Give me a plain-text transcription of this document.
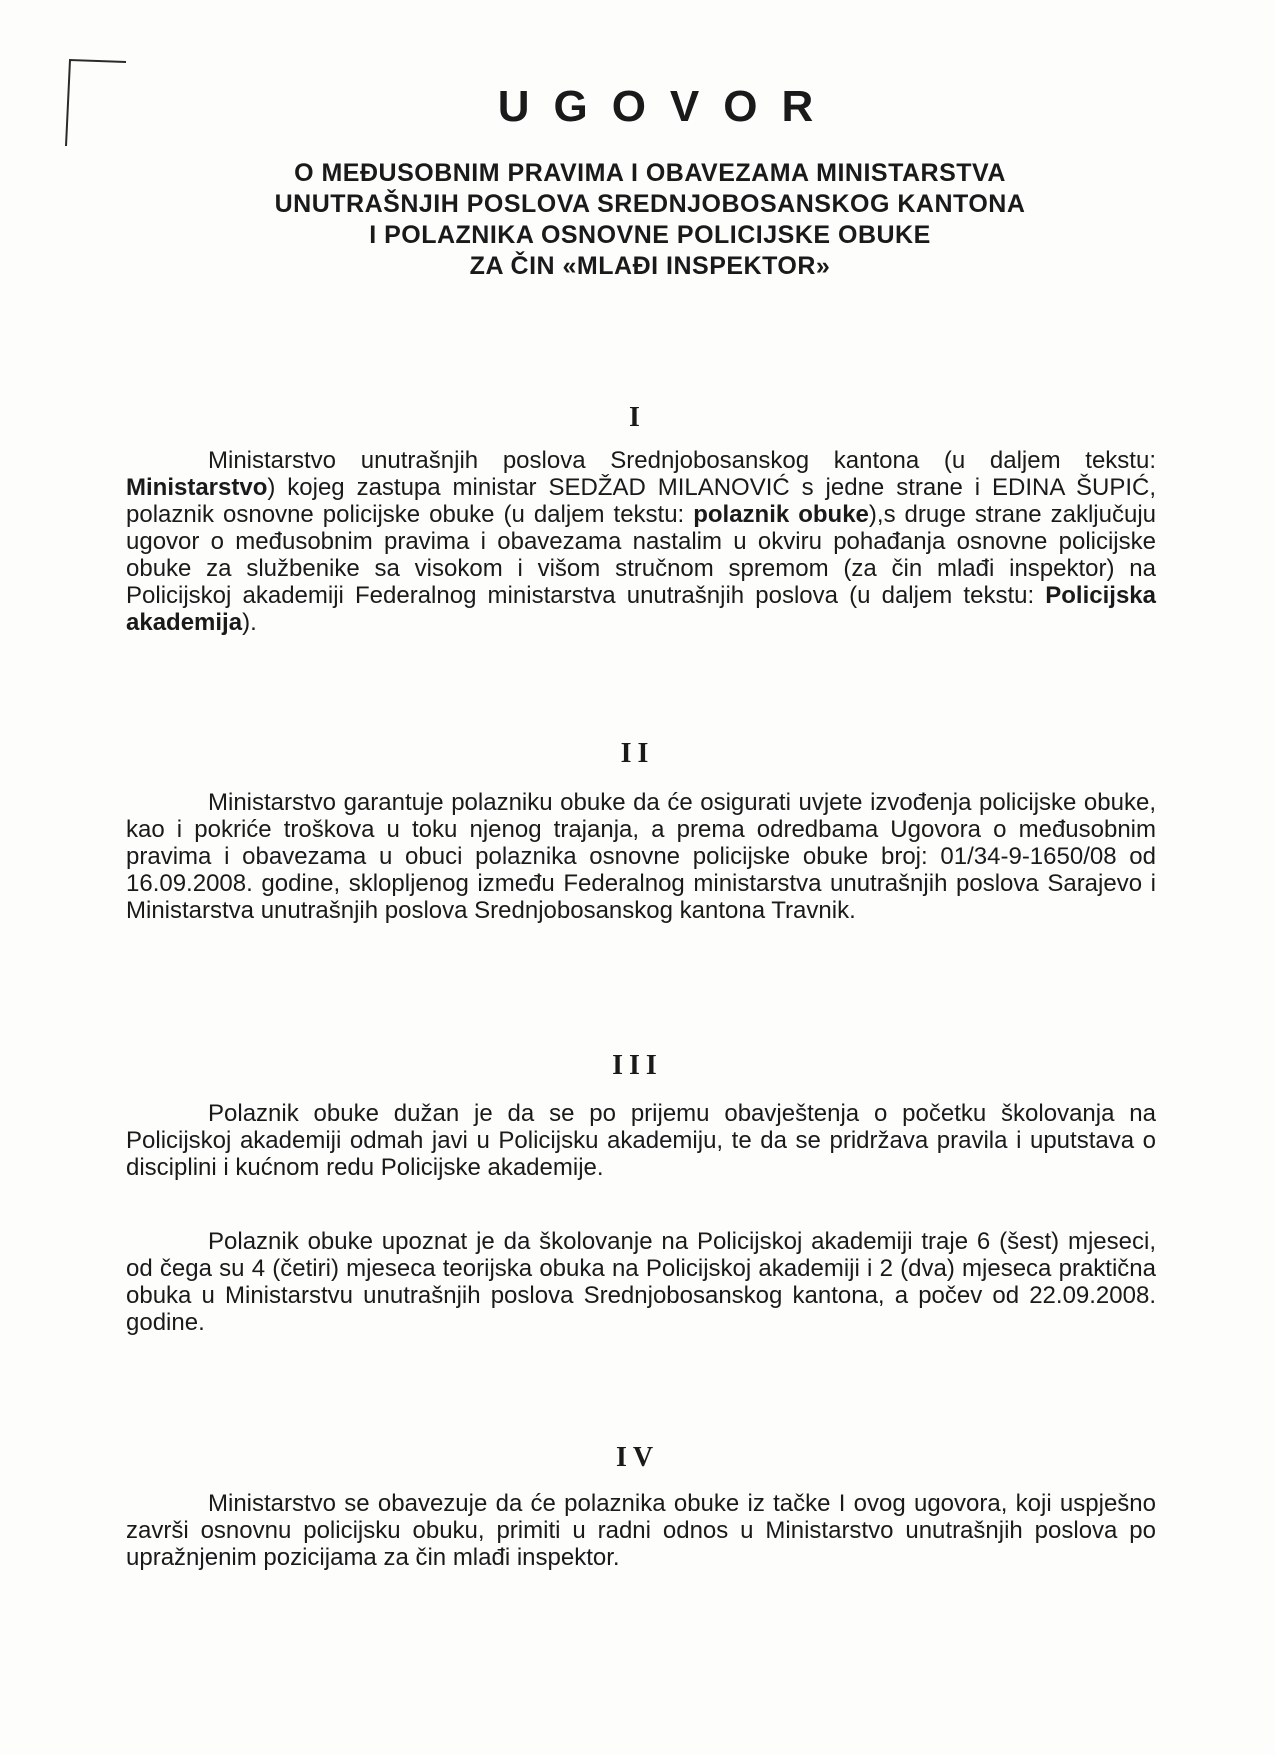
UGOVOR
O MEĐUSOBNIM PRAVIMA I OBAVEZAMA MINISTARSTVA
UNUTRAŠNJIH POSLOVA SREDNJOBOSANSKOG KANTONA
I POLAZNIKA OSNOVNE POLICIJSKE OBUKE
ZA ČIN «MLAĐI INSPEKTOR»
I
Ministarstvo unutrašnjih poslova Srednjobosanskog kantona (u daljem tekstu: Ministarstvo) kojeg zastupa ministar SEDŽAD MILANOVIĆ s jedne strane i EDINA ŠUPIĆ, polaznik osnovne policijske obuke (u daljem tekstu: polaznik obuke),s druge strane zaključuju ugovor o međusobnim pravima i obavezama nastalim u okviru pohađanja osnovne policijske obuke za službenike sa visokom i višom stručnom spremom (za čin mlađi inspektor) na Policijskoj akademiji Federalnog ministarstva unutrašnjih poslova (u daljem tekstu: Policijska akademija).
II
Ministarstvo garantuje polazniku obuke da će osigurati uvjete izvođenja policijske obuke, kao i pokriće troškova u toku njenog trajanja, a prema odredbama Ugovora o međusobnim pravima i obavezama u obuci polaznika osnovne policijske obuke broj: 01/34-9-1650/08 od 16.09.2008. godine, sklopljenog između Federalnog ministarstva unutrašnjih poslova Sarajevo i Ministarstva unutrašnjih poslova Srednjobosanskog kantona Travnik.
III
Polaznik obuke dužan je da se po prijemu obavještenja o početku školovanja na Policijskoj akademiji odmah javi u Policijsku akademiju, te da se pridržava pravila i uputstava o disciplini i kućnom redu Policijske akademije.
Polaznik obuke upoznat je da školovanje na Policijskoj akademiji traje 6 (šest) mjeseci, od čega su 4 (četiri) mjeseca teorijska obuka na Policijskoj akademiji i 2 (dva) mjeseca praktična obuka u Ministarstvu unutrašnjih poslova Srednjobosanskog kantona, a počev od 22.09.2008. godine.
IV
Ministarstvo se obavezuje da će polaznika obuke iz tačke I ovog ugovora, koji uspješno završi osnovnu policijsku obuku, primiti u radni odnos u Ministarstvo unutrašnjih poslova po upražnjenim pozicijama za čin mlađi inspektor.
